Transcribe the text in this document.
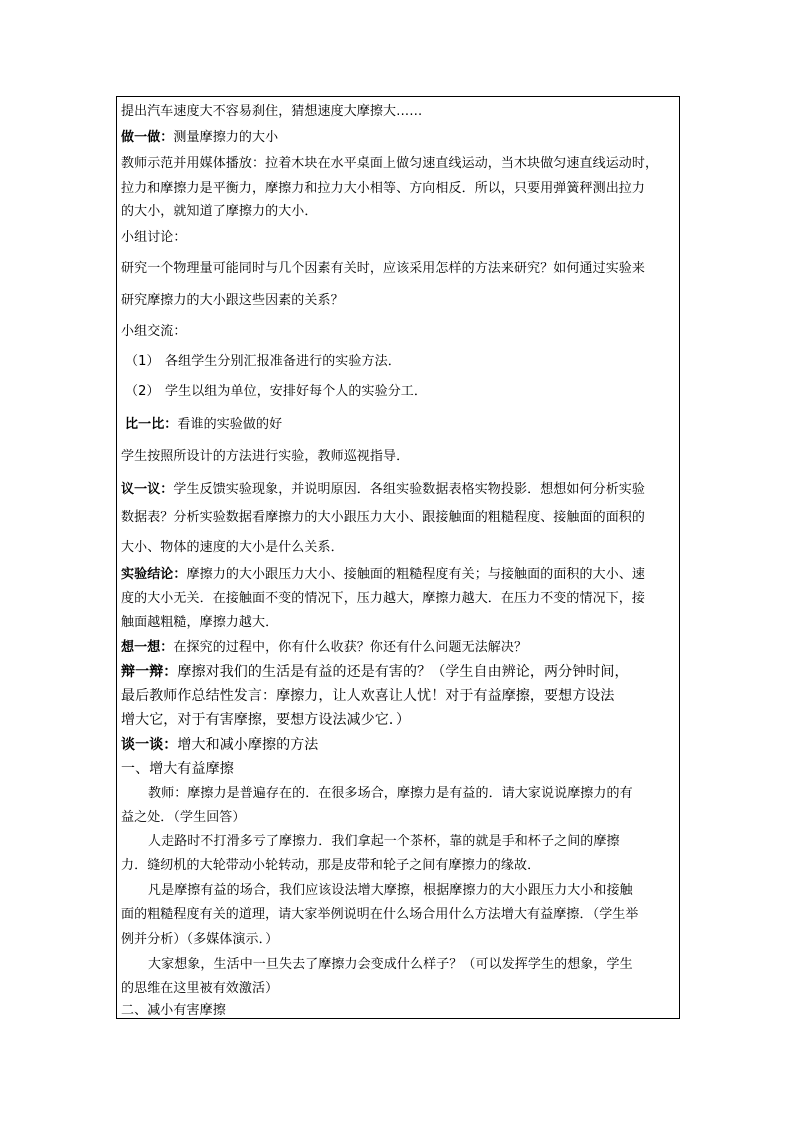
提出汽车速度大不容易刹住，猜想速度大摩擦大……
做一做：测量摩擦力的大小
教师示范并用媒体播放：拉着木块在水平桌面上做匀速直线运动，当木块做匀速直线运动时，
拉力和摩擦力是平衡力，摩擦力和拉力大小相等、方向相反．所以，只要用弹簧秤测出拉力
的大小，就知道了摩擦力的大小．
小组讨论：
研究一个物理量可能同时与几个因素有关时，应该采用怎样的方法来研究？如何通过实验来
研究摩擦力的大小跟这些因素的关系？
小组交流：
（1） 各组学生分别汇报准备进行的实验方法．
（2） 学生以组为单位，安排好每个人的实验分工．
比一比：看谁的实验做的好
学生按照所设计的方法进行实验，教师巡视指导．
议一议：学生反馈实验现象，并说明原因．各组实验数据表格实物投影．想想如何分析实验
数据表？分析实验数据看摩擦力的大小跟压力大小、跟接触面的粗糙程度、接触面的面积的
大小、物体的速度的大小是什么关系．
实验结论：摩擦力的大小跟压力大小、接触面的粗糙程度有关；与接触面的面积的大小、速
度的大小无关．在接触面不变的情况下，压力越大，摩擦力越大．在压力不变的情况下，接
触面越粗糙，摩擦力越大．
想一想：在探究的过程中，你有什么收获？你还有什么问题无法解决？
辩一辩：摩擦对我们的生活是有益的还是有害的？（学生自由辨论，两分钟时间，
最后教师作总结性发言：摩擦力，让人欢喜让人忧！对于有益摩擦，要想方设法
增大它，对于有害摩擦，要想方设法减少它．）
谈一谈：增大和减小摩擦的方法
一、增大有益摩擦
教师：摩擦力是普遍存在的．在很多场合，摩擦力是有益的．请大家说说摩擦力的有
益之处．（学生回答）
人走路时不打滑多亏了摩擦力．我们拿起一个茶杯，靠的就是手和杯子之间的摩擦
力．缝纫机的大轮带动小轮转动，那是皮带和轮子之间有摩擦力的缘故．
凡是摩擦有益的场合，我们应该设法增大摩擦，根据摩擦力的大小跟压力大小和接触
面的粗糙程度有关的道理，请大家举例说明在什么场合用什么方法增大有益摩擦．（学生举
例并分析）（多媒体演示．）
大家想象，生活中一旦失去了摩擦力会变成什么样子？（可以发挥学生的想象，学生
的思维在这里被有效激活）
二、减小有害摩擦
